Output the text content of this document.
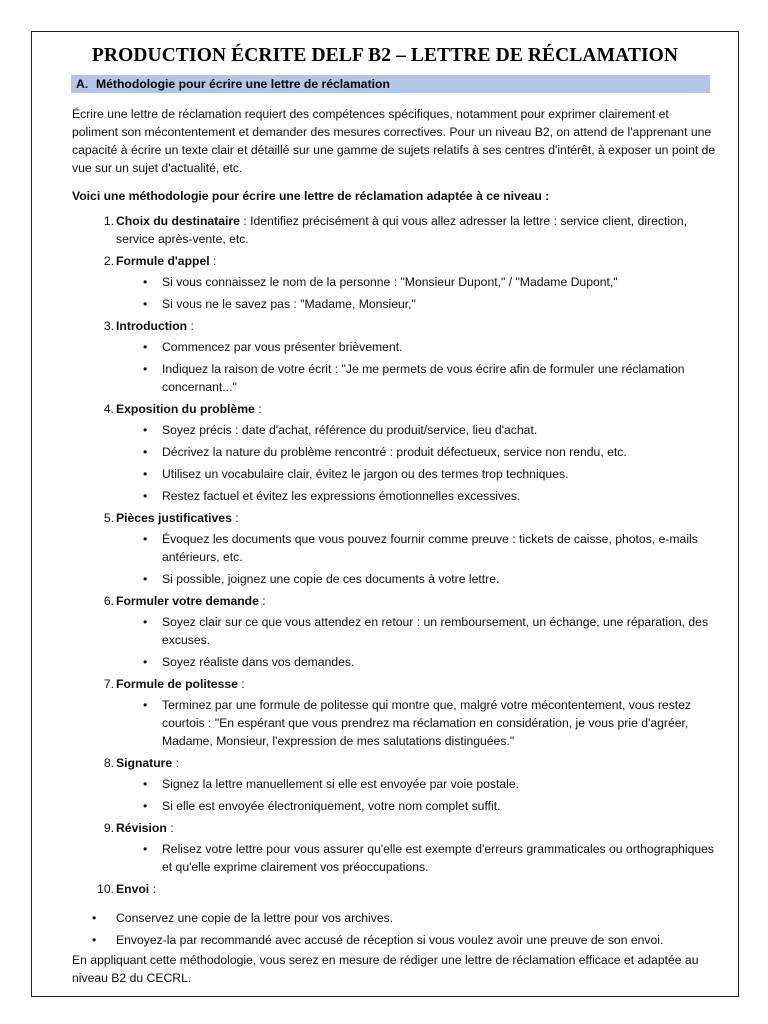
PRODUCTION ÉCRITE DELF B2 – LETTRE DE RÉCLAMATION
A. Méthodologie pour écrire une lettre de réclamation

Écrire une lettre de réclamation requiert des compétences spécifiques, notamment pour exprimer clairement et poliment son mécontentement et demander des mesures correctives. Pour un niveau B2, on attend de l'apprenant une capacité à écrire un texte clair et détaillé sur une gamme de sujets relatifs à ses centres d'intérêt, à exposer un point de vue sur un sujet d'actualité, etc.

Voici une méthodologie pour écrire une lettre de réclamation adaptée à ce niveau :

1 . Choix du destinataire : Identifiez précisément à qui vous allez adresser la lettre : service client, direction, service après-vente, etc.
2 . Formule d'appel :
• Si vous connaissez le nom de la personne : "Monsieur Dupont," / "Madame Dupont,"
• Si vous ne le savez pas : "Madame, Monsieur,"
3 . Introduction :
• Commencez par vous présenter brièvement.
• Indiquez la raison de votre écrit : "Je me permets de vous écrire afin de formuler une réclamation concernant..."
4 . Exposition du problème :
• Soyez précis : date d'achat, référence du produit/service, lieu d'achat.
• Décrivez la nature du problème rencontré : produit défectueux, service non rendu, etc.
• Utilisez un vocabulaire clair, évitez le jargon ou des termes trop techniques.
• Restez factuel et évitez les expressions émotionnelles excessives.
5 . Pièces justificatives :
• Évoquez les documents que vous pouvez fournir comme preuve : tickets de caisse, photos, e-mails antérieurs, etc.
• Si possible, joignez une copie de ces documents à votre lettre.
6 . Formuler votre demande :
• Soyez clair sur ce que vous attendez en retour : un remboursement, un échange, une réparation, des excuses.
• Soyez réaliste dans vos demandes.
7 . Formule de politesse :
• Terminez par une formule de politesse qui montre que, malgré votre mécontentement, vous restez courtois : "En espérant que vous prendrez ma réclamation en considération, je vous prie d'agréer, Madame, Monsieur, l'expression de mes salutations distinguées."
8 . Signature :
• Signez la lettre manuellement si elle est envoyée par voie postale.
• Si elle est envoyée électroniquement, votre nom complet suffit.
9 . Révision :
• Relisez votre lettre pour vous assurer qu'elle est exempte d'erreurs grammaticales ou orthographiques et qu'elle exprime clairement vos préoccupations.
10 . Envoi :
• Conservez une copie de la lettre pour vos archives.
• Envoyez-la par recommandé avec accusé de réception si vous voulez avoir une preuve de son envoi.

En appliquant cette méthodologie, vous serez en mesure de rédiger une lettre de réclamation efficace et adaptée au niveau B2 du CECRL.
